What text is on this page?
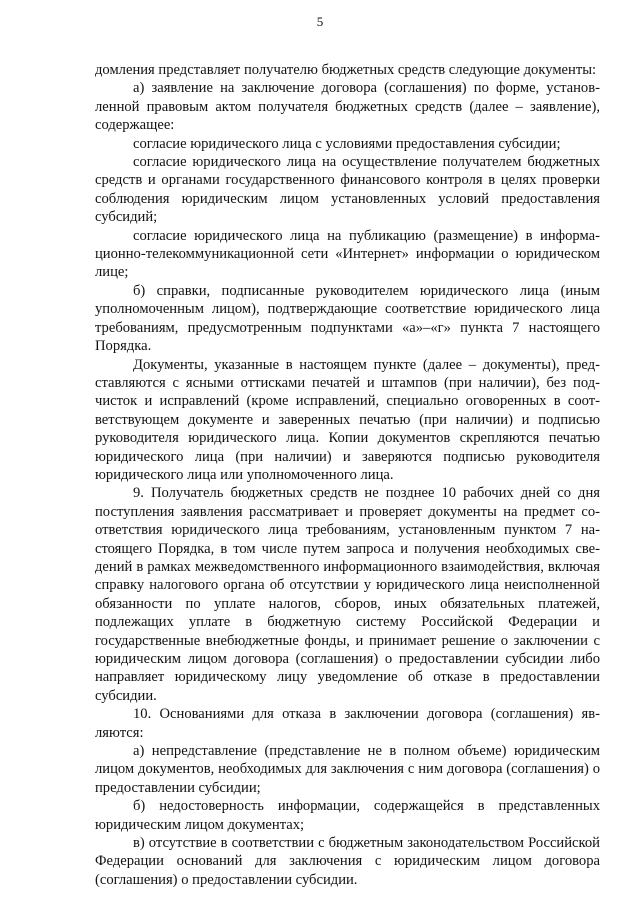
5

домления представляет получателю бюджетных средств следующие документы:

а) заявление на заключение договора (соглашения) по форме, установленной правовым актом получателя бюджетных средств (далее – заявление), содержащее:

согласие юридического лица с условиями предоставления субсидии;

согласие юридического лица на осуществление получателем бюджетных средств и органами государственного финансового контроля в целях проверки соблюдения юридическим лицом установленных условий предоставления субсидий;

согласие юридического лица на публикацию (размещение) в информационно-телекоммуникационной сети «Интернет» информации о юридическом лице;

б) справки, подписанные руководителем юридического лица (иным уполномоченным лицом), подтверждающие соответствие юридического лица требованиям, предусмотренным подпунктами «а»–«г» пункта 7 настоящего Порядка.

Документы, указанные в настоящем пункте (далее – документы), представляются с ясными оттисками печатей и штампов (при наличии), без подчисток и исправлений (кроме исправлений, специально оговоренных в соответствующем документе и заверенных печатью (при наличии) и подписью руководителя юридического лица. Копии документов скрепляются печатью юридического лица (при наличии) и заверяются подписью руководителя юридического лица или уполномоченного лица.

9. Получатель бюджетных средств не позднее 10 рабочих дней со дня поступления заявления рассматривает и проверяет документы на предмет соответствия юридического лица требованиям, установленным пунктом 7 настоящего Порядка, в том числе путем запроса и получения необходимых сведений в рамках межведомственного информационного взаимодействия, включая справку налогового органа об отсутствии у юридического лица неисполненной обязанности по уплате налогов, сборов, иных обязательных платежей, подлежащих уплате в бюджетную систему Российской Федерации и государственные внебюджетные фонды, и принимает решение о заключении с юридическим лицом договора (соглашения) о предоставлении субсидии либо направляет юридическому лицу уведомление об отказе в предоставлении субсидии.

10. Основаниями для отказа в заключении договора (соглашения) являются:

а) непредставление (представление не в полном объеме) юридическим лицом документов, необходимых для заключения с ним договора (соглашения) о предоставлении субсидии;

б) недостоверность информации, содержащейся в представленных юридическим лицом документах;

в) отсутствие в соответствии с бюджетным законодательством Российской Федерации оснований для заключения с юридическим лицом договора (соглашения) о предоставлении субсидии.
